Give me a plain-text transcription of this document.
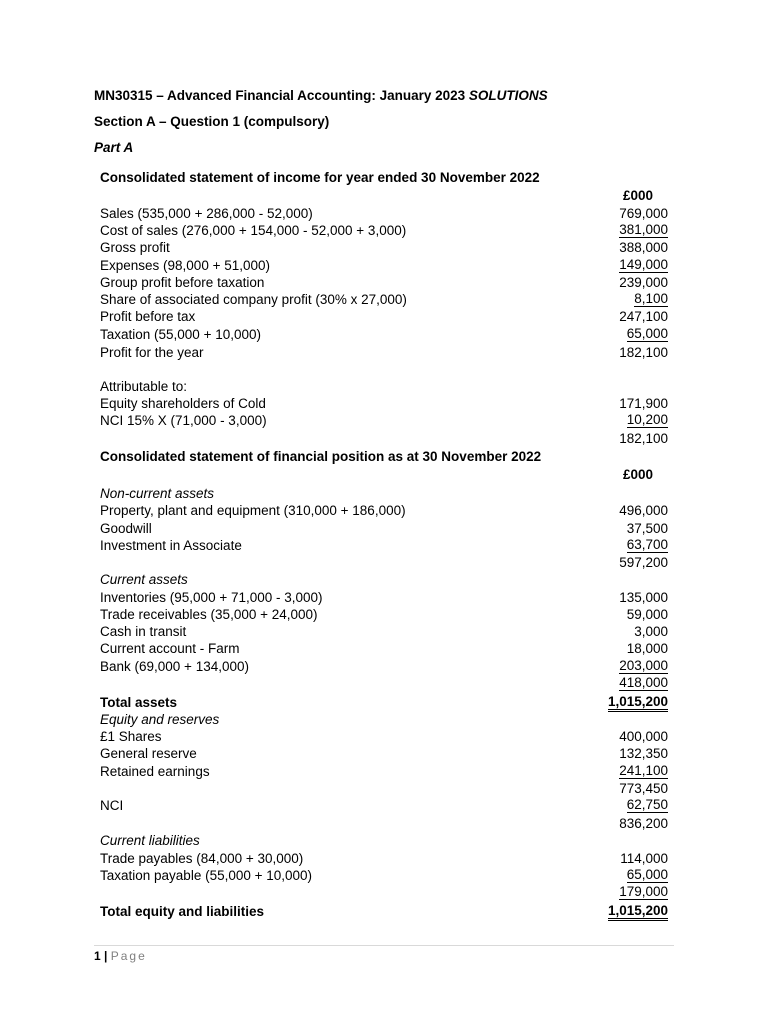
MN30315 – Advanced Financial Accounting: January 2023 SOLUTIONS
Section A – Question 1 (compulsory)
Part A
Consolidated statement of income for year ended 30 November 2022
£000
Sales (535,000 + 286,000 - 52,000)	769,000
Cost of sales (276,000 + 154,000 - 52,000 + 3,000)	381,000
Gross profit	388,000
Expenses (98,000 + 51,000)	149,000
Group profit before taxation	239,000
Share of associated company profit (30% x 27,000)	8,100
Profit before tax	247,100
Taxation (55,000 + 10,000)	65,000
Profit for the year	182,100
Attributable to:
Equity shareholders of Cold	171,900
NCI 15% X (71,000 - 3,000)	10,200
182,100
Consolidated statement of financial position as at 30 November 2022
£000
Non-current assets
Property, plant and equipment (310,000 + 186,000)	496,000
Goodwill	37,500
Investment in Associate	63,700
597,200
Current assets
Inventories (95,000 + 71,000 - 3,000)	135,000
Trade receivables (35,000 + 24,000)	59,000
Cash in transit	3,000
Current account - Farm	18,000
Bank (69,000 + 134,000)	203,000
418,000
Total assets	1,015,200
Equity and reserves
£1 Shares	400,000
General reserve	132,350
Retained earnings	241,100
773,450
NCI	62,750
836,200
Current liabilities
Trade payables (84,000 + 30,000)	114,000
Taxation payable (55,000 + 10,000)	65,000
179,000
Total equity and liabilities	1,015,200
1 | Page
